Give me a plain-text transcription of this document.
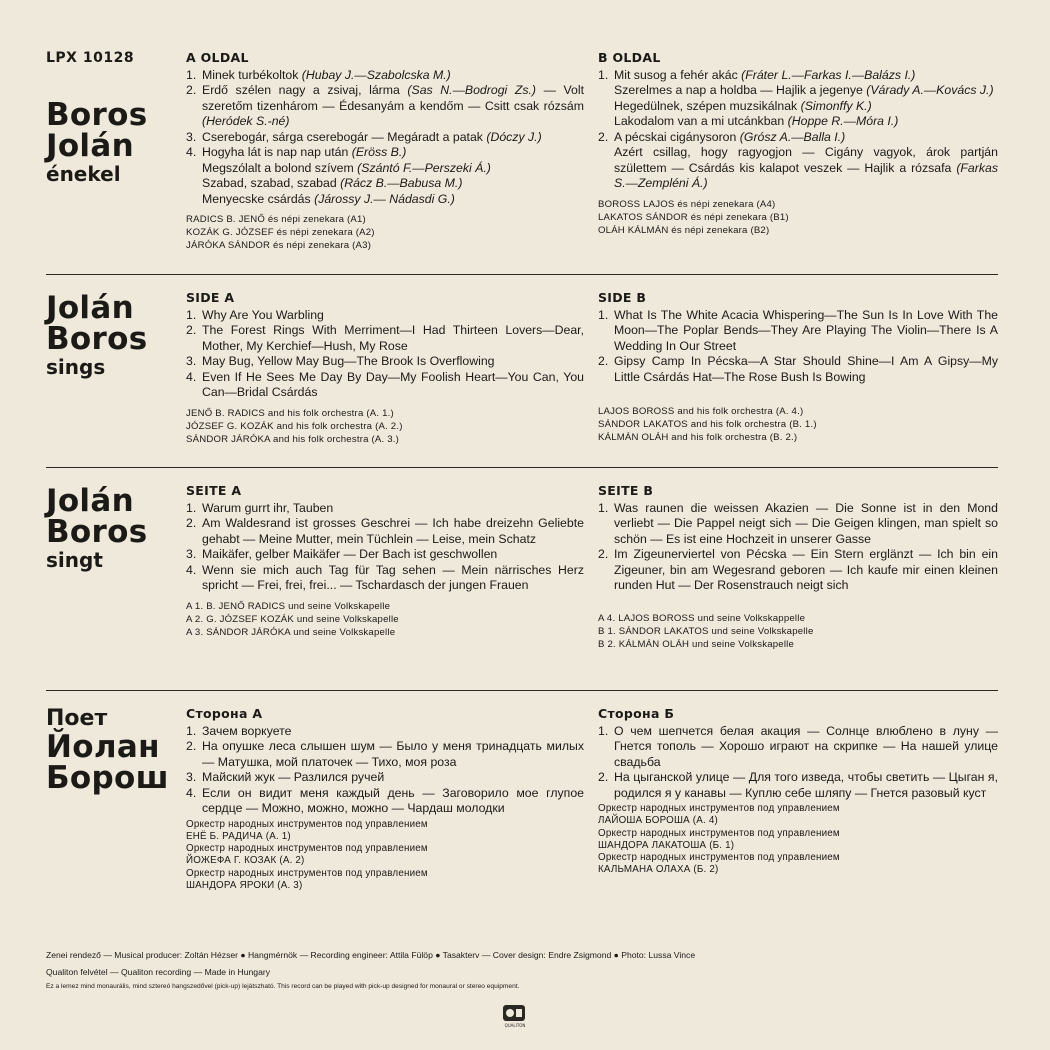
LPX 10128
Boros
Jolán
énekel
A OLDAL
1. Minek turbékoltok (Hubay J.—Szabolcska M.)
2. Erdő szélen nagy a zsivaj, lárma (Sas N.—Bodrogi Zs.) — Volt szeretőm tizenhárom — Édesanyám a kendőm — Csitt csak rózsám (Heródek S.-né)
3. Cserebogár, sárga cserebogár — Megáradt a patak (Dóczy J.)
4. Hogyha lát is nap nap után (Eröss B.)
Megszólalt a bolond szívem (Szántó F.—Perszeki Á.)
Szabad, szabad, szabad (Rácz B.—Babusa M.)
Menyecske csárdás (Járossy J.— Nádasdi G.)
RADICS B. JENŐ és népi zenekara (A1)
KOZÁK G. JÓZSEF és népi zenekara (A2)
JÁRÓKA SÁNDOR és népi zenekara (A3)
B OLDAL
1. Mit susog a fehér akác (Fráter L.—Farkas I.—Balázs I.)
Szerelmes a nap a holdba — Hajlik a jegenye (Várady A.—Kovács J.)
Hegedülnek, szépen muzsikálnak (Simonffy K.)
Lakodalom van a mi utcánkban (Hoppe R.—Móra I.)
2. A pécskai cigánysoron (Grósz A.—Balla I.)
Azért csillag, hogy ragyogjon — Cigány vagyok, árok partján születtem — Csárdás kis kalapot veszek — Hajlik a rózsafa (Farkas S.—Zempléni Á.)
BOROSS LAJOS és népi zenekara (A4)
LAKATOS SÁNDOR és népi zenekara (B1)
OLÁH KÁLMÁN és népi zenekara (B2)
Jolán
Boros
sings
SIDE A
1. Why Are You Warbling
2. The Forest Rings With Merriment—I Had Thirteen Lovers—Dear, Mother, My Kerchief—Hush, My Rose
3. May Bug, Yellow May Bug—The Brook Is Overflowing
4. Even If He Sees Me Day By Day—My Foolish Heart—You Can, You Can—Bridal Csárdás
JENŐ B. RADICS and his folk orchestra (A. 1.)
JÓZSEF G. KOZÁK and his folk orchestra (A. 2.)
SÁNDOR JÁRÓKA and his folk orchestra (A. 3.)
SIDE B
1. What Is The White Acacia Whispering—The Sun Is In Love With The Moon—The Poplar Bends—They Are Playing The Violin—There Is A Wedding In Our Street
2. Gipsy Camp In Pécska—A Star Should Shine—I Am A Gipsy—My Little Csárdás Hat—The Rose Bush Is Bowing
LAJOS BOROSS and his folk orchestra (A. 4.)
SÁNDOR LAKATOS and his folk orchestra (B. 1.)
KÁLMÁN OLÁH and his folk orchestra (B. 2.)
Jolán
Boros
singt
SEITE A
1. Warum gurrt ihr, Tauben
2. Am Waldesrand ist grosses Geschrei — Ich habe dreizehn Geliebte gehabt — Meine Mutter, mein Tüchlein — Leise, mein Schatz
3. Maikäfer, gelber Maikäfer — Der Bach ist geschwollen
4. Wenn sie mich auch Tag für Tag sehen — Mein närrisches Herz spricht — Frei, frei, frei... — Tschardasch der jungen Frauen
A 1. B. JENŐ RADICS und seine Volkskapelle
A 2. G. JÓZSEF KOZÁK und seine Volkskapelle
A 3. SÁNDOR JÁRÓKA und seine Volkskapelle
SEITE B
1. Was raunen die weissen Akazien — Die Sonne ist in den Mond verliebt — Die Pappel neigt sich — Die Geigen klingen, man spielt so schön — Es ist eine Hochzeit in unserer Gasse
2. Im Zigeunerviertel von Pécska — Ein Stern erglänzt — Ich bin ein Zigeuner, bin am Wegesrand geboren — Ich kaufe mir einen kleinen runden Hut — Der Rosenstrauch neigt sich
A 4. LAJOS BOROSS und seine Volkskappelle
B 1. SÁNDOR LAKATOS und seine Volkskapelle
B 2. KÁLMÁN OLÁH und seine Volkskapelle
Поет
Йолан
Борош
Сторона А
1. Зачем воркуете
2. На опушке леса слышен шум — Было у меня тринадцать милых — Матушка, мой платочек — Тихо, моя роза
3. Майский жук — Разлился ручей
4. Если он видит меня каждый день — Заговорило мое глупое сердце — Можно, можно, можно — Чардаш молодки
Оркестр народных инструментов под управлением
ЕНЁ Б. РАДИЧА (А. 1)
Оркестр народных инструментов под управлением
ЙОЖЕФА Г. КОЗАК (А. 2)
Оркестр народных инструментов под управлением
ШАНДОРА ЯРОКИ (А. 3)
Сторона Б
1. О чем шепчется белая акация — Солнце влюблено в луну — Гнется тополь — Хорошо играют на скрипке — На нашей улице свадьба
2. На цыганской улице — Для того изведа, чтобы светить — Цыган я, родился я у канавы — Куплю себе шляпу — Гнется разовый куст
Оркестр народных инструментов под управлением
ЛАЙОША БОРОША (А. 4)
Оркестр народных инструментов под управлением
ШАНДОРА ЛАКАТОША (Б. 1)
Оркестр народных инструментов под управлением
КАЛЬМАНА ОЛАХА (Б. 2)
Zenei rendező — Musical producer: Zoltán Hézser ● Hangmérnök — Recording engineer: Attila Fülöp ● Tasakterv — Cover design: Endre Zsigmond ● Photo: Lussa Vince
Qualiton felvétel — Qualiton recording — Made in Hungary
Ez a lemez mind monaurális, mind sztereó hangszedővel (pick-up) lejátszható. This record can be played with pick-up designed for monaural or stereo equipment.
QUALITON
